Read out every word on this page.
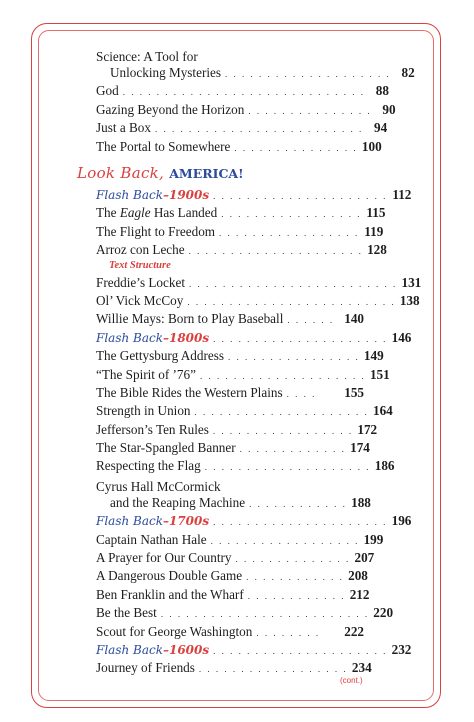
Science: A Tool for
Unlocking Mysteries . . . . . . . . . . . . . . . . . . . . 82
God . . . . . . . . . . . . . . . . . . . . . . . . . . . . . 88
Gazing Beyond the Horizon . . . . . . . . . . . . . . . 90
Just a Box . . . . . . . . . . . . . . . . . . . . . . . . . 94
The Portal to Somewhere . . . . . . . . . . . . . . . 100
Look Back, AMERICA!
Flash Back–1900s . . . . . . . . . . . . . . . . . . . . . 112
The Eagle Has Landed . . . . . . . . . . . . . . . . . 115
The Flight to Freedom . . . . . . . . . . . . . . . . . 119
Arroz con Leche . . . . . . . . . . . . . . . . . . . . . 128
Text Structure
Freddie’s Locket . . . . . . . . . . . . . . . . . . . . . . . . . 131
Ol’ Vick McCoy . . . . . . . . . . . . . . . . . . . . . . . . . 138
Willie Mays: Born to Play Baseball . . . . . . 140
Flash Back–1800s . . . . . . . . . . . . . . . . . . . . . 146
The Gettysburg Address . . . . . . . . . . . . . . . . 149
“The Spirit of ’76” . . . . . . . . . . . . . . . . . . . . 151
The Bible Rides the Western Plains . . . .	155
Strength in Union . . . . . . . . . . . . . . . . . . . . . 164
Jefferson’s Ten Rules . . . . . . . . . . . . . . . . . 172
The Star-Spangled Banner . . . . . . . . . . . . . 174
Respecting the Flag . . . . . . . . . . . . . . . . . . . . 186
Cyrus Hall McCormick
and the Reaping Machine . . . . . . . . . . . . 188
Flash Back–1700s . . . . . . . . . . . . . . . . . . . . . 196
Captain Nathan Hale . . . . . . . . . . . . . . . . . . 199
A Prayer for Our Country . . . . . . . . . . . . . . 207
A Dangerous Double Game . . . . . . . . . . . . 208
Ben Franklin and the Wharf . . . . . . . . . . . . 212
Be the Best . . . . . . . . . . . . . . . . . . . . . . . . . 220
Scout for George Washington . . . . . . . .	222
Flash Back–1600s . . . . . . . . . . . . . . . . . . . . . 232
Journey of Friends . . . . . . . . . . . . . . . . . . 234
(cont.)
